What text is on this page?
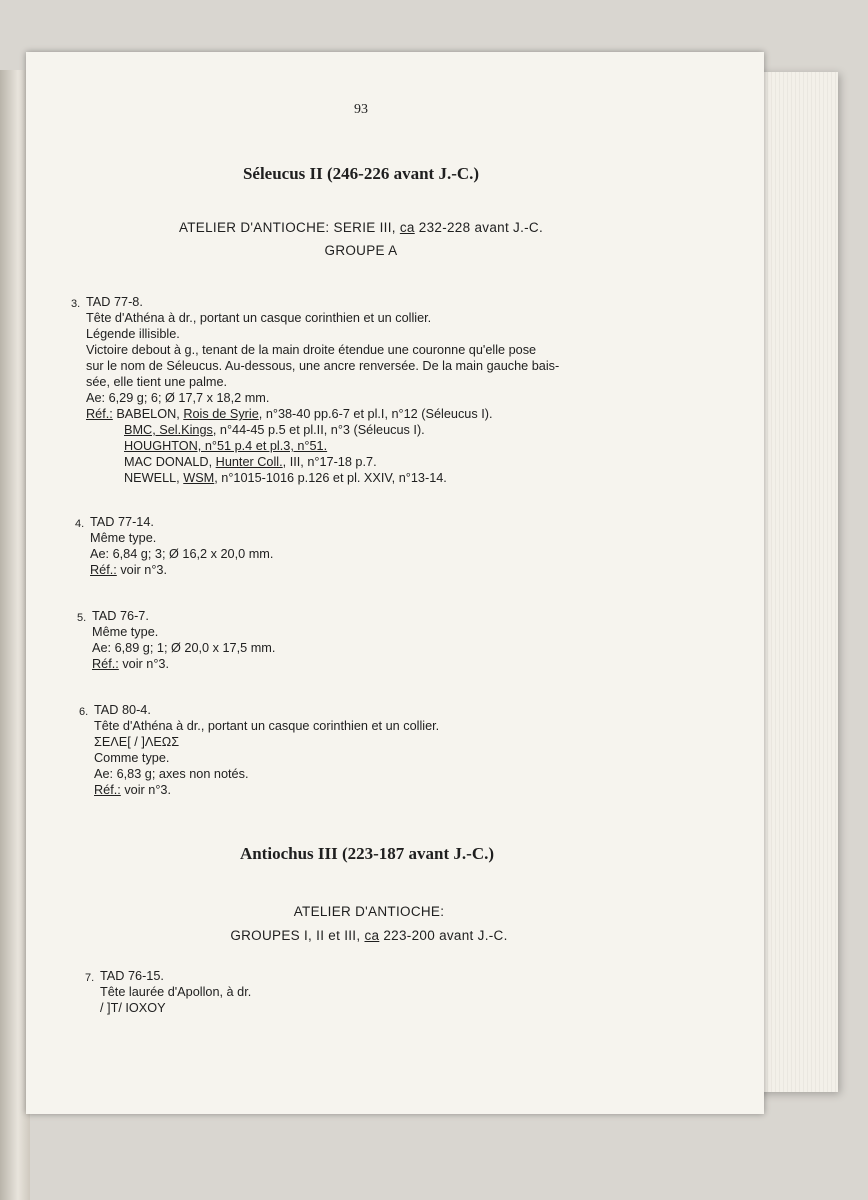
93
Séleucus II (246-226 avant J.-C.)
ATELIER D'ANTIOCHE: SERIE III, ca 232-228 avant J.-C.
GROUPE A
3. TAD 77-8.
Tête d'Athéna à dr., portant un casque corinthien et un collier.
Légende illisible.
Victoire debout à g., tenant de la main droite étendue une couronne qu'elle pose
sur le nom de Séleucus. Au-dessous, une ancre renversée. De la main gauche bais-
sée, elle tient une palme.
Ae: 6,29 g; 6; Ø 17,7 x 18,2 mm.
Réf.: BABELON, Rois de Syrie, n°38-40 pp.6-7 et pl.I, n°12 (Séleucus I).
BMC, Sel.Kings, n°44-45 p.5 et pl.II, n°3 (Séleucus I).
HOUGHTON, n°51 p.4 et pl.3, n°51.
MAC DONALD, Hunter Coll., III, n°17-18 p.7.
NEWELL, WSM, n°1015-1016 p.126 et pl. XXIV, n°13-14.
4. TAD 77-14.
Même type.
Ae: 6,84 g; 3; Ø 16,2 x 20,0 mm.
Réf.: voir n°3.
5. TAD 76-7.
Même type.
Ae: 6,89 g; 1; Ø 20,0 x 17,5 mm.
Réf.: voir n°3.
6. TAD 80-4.
Tête d'Athéna à dr., portant un casque corinthien et un collier.
ΣΕΛΕ[ / ]ΛΕΩΣ
Comme type.
Ae: 6,83 g; axes non notés.
Réf.: voir n°3.
Antiochus III (223-187 avant J.-C.)
ATELIER D'ANTIOCHE:
GROUPES I, II et III, ca 223-200 avant J.-C.
7. TAD 76-15.
Tête laurée d'Apollon, à dr.
/ ]T/ IOXOY
